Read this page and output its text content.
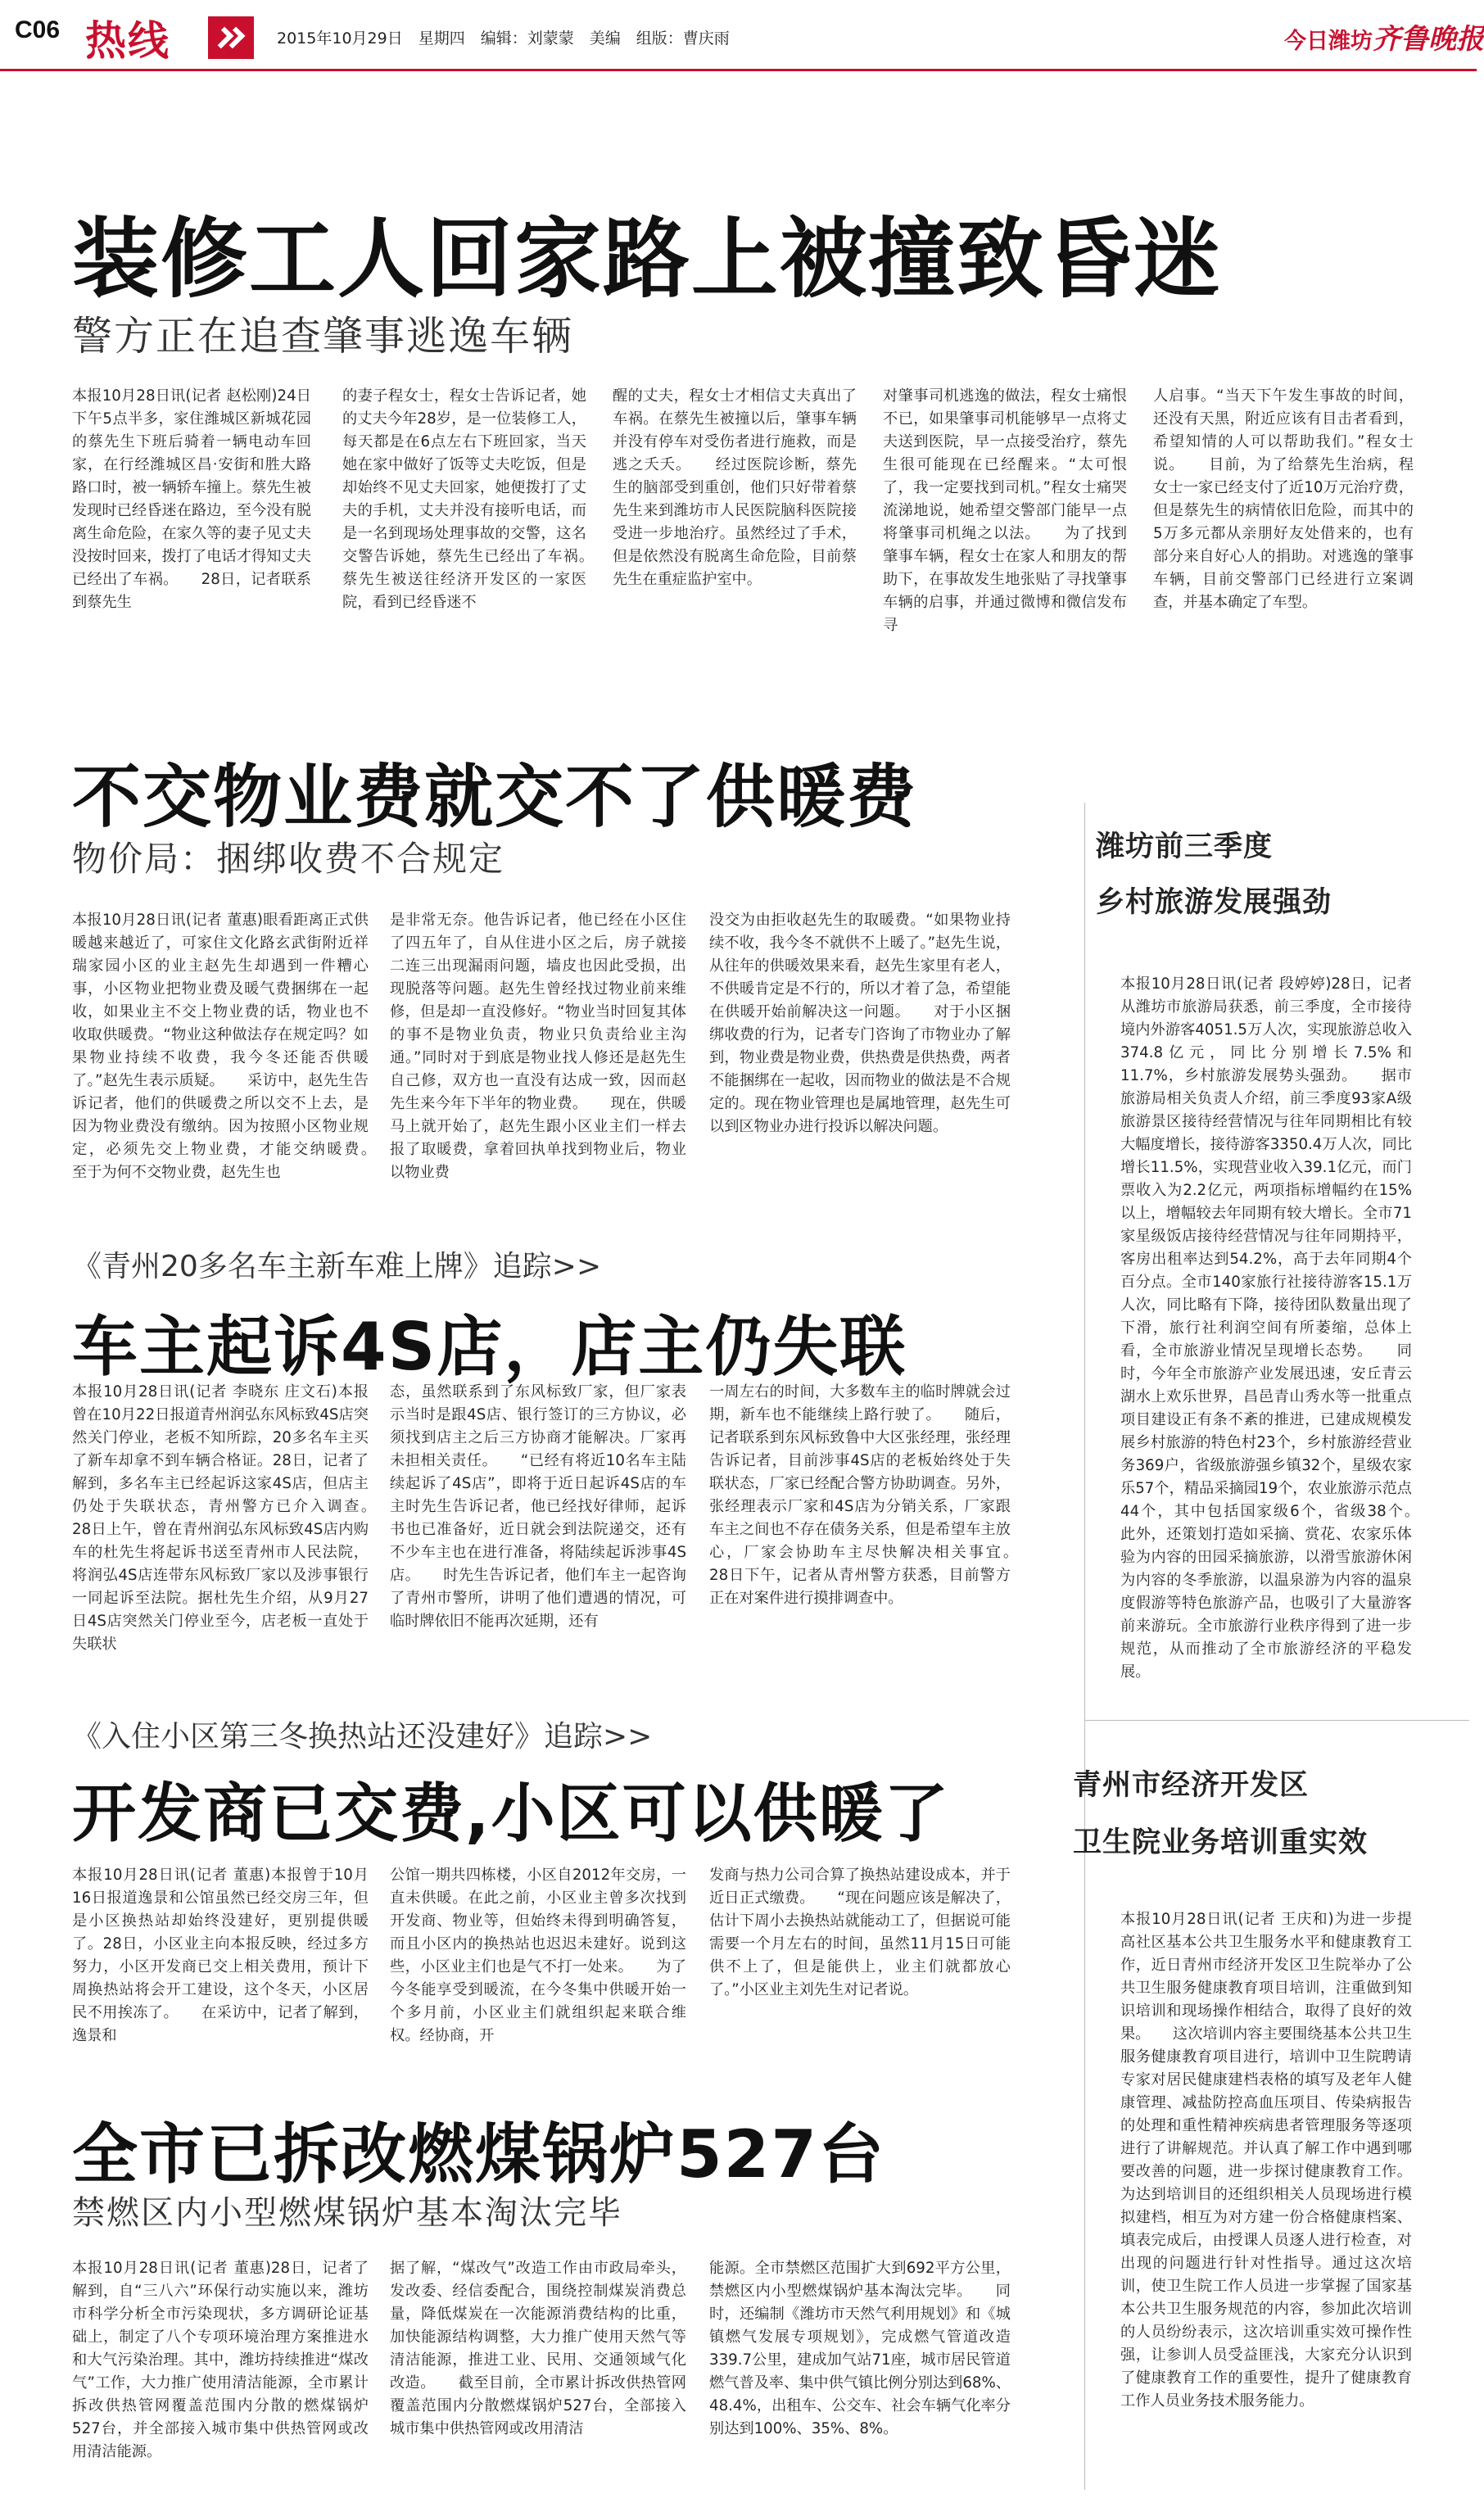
C06 热线	2015年10月29日　星期四　编辑：刘蒙蒙　美编　组版：曹庆雨	今日潍坊 齐鲁晚报
装修工人回家路上被撞致昏迷
警方正在追查肇事逃逸车辆
本报10月28日讯(记者 赵松刚)24日下午5点半多，家住潍城区新城花园的蔡先生下班后骑着一辆电动车回家，在行经潍城区昌·安街和胜大路路口时，被一辆轿车撞上。蔡先生被发现时已经昏迷在路边，至今没有脱离生命危险，在家久等的妻子见丈夫没按时回来，拨打了电话才得知丈夫已经出了车祸。　　28日，记者联系到蔡先生
的妻子程女士，程女士告诉记者，她的丈夫今年28岁，是一位装修工人，每天都是在6点左右下班回家，当天她在家中做好了饭等丈夫吃饭，但是却始终不见丈夫回家，她便拨打了丈夫的手机，丈夫并没有接听电话，而是一名到现场处理事故的交警，这名交警告诉她，蔡先生已经出了车祸。　　蔡先生被送往经济开发区的一家医院，看到已经昏迷不
醒的丈夫，程女士才相信丈夫真出了车祸。在蔡先生被撞以后，肇事车辆并没有停车对受伤者进行施救，而是逃之夭夭。　　经过医院诊断，蔡先生的脑部受到重创，他们只好带着蔡先生来到潍坊市人民医院脑科医院接受进一步地治疗。虽然经过了手术，但是依然没有脱离生命危险，目前蔡先生在重症监护室中。
对肇事司机逃逸的做法，程女士痛恨不已，如果肇事司机能够早一点将丈夫送到医院，早一点接受治疗，蔡先生很可能现在已经醒来。“太可恨了，我一定要找到司机。”程女士痛哭流涕地说，她希望交警部门能早一点将肇事司机绳之以法。　　为了找到肇事车辆，程女士在家人和朋友的帮助下，在事故发生地张贴了寻找肇事车辆的启事，并通过微博和微信发布寻
人启事。“当天下午发生事故的时间，还没有天黑，附近应该有目击者看到，希望知情的人可以帮助我们。”程女士说。　　目前，为了给蔡先生治病，程女士一家已经支付了近10万元治疗费，但是蔡先生的病情依旧危险，而其中的5万多元都从亲朋好友处借来的，也有部分来自好心人的捐助。对逃逸的肇事车辆，目前交警部门已经进行立案调查，并基本确定了车型。
不交物业费就交不了供暖费
物价局：捆绑收费不合规定
本报10月28日讯(记者 董惠)眼看距离正式供暖越来越近了，可家住文化路玄武街附近祥瑞家园小区的业主赵先生却遇到一件糟心事，小区物业把物业费及暖气费捆绑在一起收，如果业主不交上物业费的话，物业也不收取供暖费。“物业这种做法存在规定吗？如果物业持续不收费，我今冬还能否供暖了。”赵先生表示质疑。　　采访中，赵先生告诉记者，他们的供暖费之所以交不上去，是因为物业费没有缴纳。因为按照小区物业规定，必须先交上物业费，才能交纳暖费。　　至于为何不交物业费，赵先生也
是非常无奈。他告诉记者，他已经在小区住了四五年了，自从住进小区之后，房子就接二连三出现漏雨问题，墙皮也因此受损，出现脱落等问题。赵先生曾经找过物业前来维修，但是却一直没修好。“物业当时回复其体的事不是物业负责，物业只负责给业主沟通。”同时对于到底是物业找人修还是赵先生自己修，双方也一直没有达成一致，因而赵先生来今年下半年的物业费。　　现在，供暖马上就开始了，赵先生跟小区业主们一样去报了取暖费，拿着回执单找到物业后，物业以物业费
没交为由拒收赵先生的取暖费。“如果物业持续不收，我今冬不就供不上暖了。”赵先生说，从往年的供暖效果来看，赵先生家里有老人，不供暖肯定是不行的，所以才着了急，希望能在供暖开始前解决这一问题。　　对于小区捆绑收费的行为，记者专门咨询了市物业办了解到，物业费是物业费，供热费是供热费，两者不能捆绑在一起收，因而物业的做法是不合规定的。现在物业管理也是属地管理，赵先生可以到区物业办进行投诉以解决问题。
《青州20多名车主新车难上牌》追踪>>
车主起诉4S店，店主仍失联
本报10月28日讯(记者 李晓东 庄文石)本报曾在10月22日报道青州润弘东风标致4S店突然关门停业，老板不知所踪，20多名车主买了新车却拿不到车辆合格证。28日，记者了解到，多名车主已经起诉这家4S店，但店主仍处于失联状态，青州警方已介入调查。　　28日上午，曾在青州润弘东风标致4S店内购车的杜先生将起诉书送至青州市人民法院，将润弘4S店连带东风标致厂家以及涉事银行一同起诉至法院。据杜先生介绍，从9月27日4S店突然关门停业至今，店老板一直处于失联状
态，虽然联系到了东风标致厂家，但厂家表示当时是跟4S店、银行签订的三方协议，必须找到店主之后三方协商才能解决。厂家再未担相关责任。　　“已经有将近10名车主陆续起诉了4S店”，即将于近日起诉4S店的车主时先生告诉记者，他已经找好律师，起诉书也已准备好，近日就会到法院递交，还有不少车主也在进行准备，将陆续起诉涉事4S店。　　时先生告诉记者，他们车主一起咨询了青州市警所，讲明了他们遭遇的情况，可临时牌依旧不能再次延期，还有
一周左右的时间，大多数车主的临时牌就会过期，新车也不能继续上路行驶了。　　随后，记者联系到东风标致鲁中大区张经理，张经理告诉记者，目前涉事4S店的老板始终处于失联状态，厂家已经配合警方协助调查。另外，张经理表示厂家和4S店为分销关系，厂家跟车主之间也不存在债务关系，但是希望车主放心，厂家会协助车主尽快解决相关事宜。　　28日下午，记者从青州警方获悉，目前警方正在对案件进行摸排调查中。
《入住小区第三冬换热站还没建好》追踪>>
开发商已交费,小区可以供暖了
本报10月28日讯(记者 董惠)本报曾于10月16日报道逸景和公馆虽然已经交房三年，但是小区换热站却始终没建好，更别提供暖了。28日，小区业主向本报反映，经过多方努力，小区开发商已交上相关费用，预计下周换热站将会开工建设，这个冬天，小区居民不用挨冻了。　　在采访中，记者了解到，逸景和
公馆一期共四栋楼，小区自2012年交房，一直未供暖。在此之前，小区业主曾多次找到开发商、物业等，但始终未得到明确答复，而且小区内的换热站也迟迟未建好。说到这些，小区业主们也是气不打一处来。　　为了今冬能享受到暖流，在今冬集中供暖开始一个多月前，小区业主们就组织起来联合维权。经协商，开
发商与热力公司合算了换热站建设成本，并于近日正式缴费。　　“现在问题应该是解决了，估计下周小去换热站就能动工了，但据说可能需要一个月左右的时间，虽然11月15日可能供不上了，但是能供上，业主们就都放心了。”小区业主刘先生对记者说。
全市已拆改燃煤锅炉527台
禁燃区内小型燃煤锅炉基本淘汰完毕
本报10月28日讯(记者 董惠)28日，记者了解到，自“三八六”环保行动实施以来，潍坊市科学分析全市污染现状，多方调研论证基础上，制定了八个专项环境治理方案推进水和大气污染治理。其中，潍坊持续推进“煤改气”工作，大力推广使用清洁能源，全市累计拆改供热管网覆盖范围内分散的燃煤锅炉527台，并全部接入城市集中供热管网或改用清洁能源。
据了解，“煤改气”改造工作由市政局牵头，发改委、经信委配合，围绕控制煤炭消费总量，降低煤炭在一次能源消费结构的比重，加快能源结构调整，大力推广使用天然气等清洁能源，推进工业、民用、交通领域气化改造。　　截至目前，全市累计拆改供热管网覆盖范围内分散燃煤锅炉527台，全部接入城市集中供热管网或改用清洁
能源。全市禁燃区范围扩大到692平方公里，禁燃区内小型燃煤锅炉基本淘汰完毕。　　同时，还编制《潍坊市天然气利用规划》和《城镇燃气发展专项规划》，完成燃气管道改造339.7公里，建成加气站71座，城市居民管道燃气普及率、集中供气镇比例分别达到68%、48.4%，出租车、公交车、社会车辆气化率分别达到100%、35%、8%。
潍坊前三季度
乡村旅游发展强劲
本报10月28日讯(记者 段婷婷)28日，记者从潍坊市旅游局获悉，前三季度，全市接待境内外游客4051.5万人次，实现旅游总收入374.8亿元，同比分别增长7.5%和11.7%，乡村旅游发展势头强劲。　　据市旅游局相关负责人介绍，前三季度93家A级旅游景区接待经营情况与往年同期相比有较大幅度增长，接待游客3350.4万人次，同比增长11.5%，实现营业收入39.1亿元，而门票收入为2.2亿元，两项指标增幅约在15%以上，增幅较去年同期有较大增长。全市71家星级饭店接待经营情况与往年同期持平，客房出租率达到54.2%，高于去年同期4个百分点。全市140家旅行社接待游客15.1万人次，同比略有下降，接待团队数量出现了下滑，旅行社利润空间有所萎缩，总体上看，全市旅游业情况呈现增长态势。　　同时，今年全市旅游产业发展迅速，安丘青云湖水上欢乐世界，昌邑青山秀水等一批重点项目建设正有条不紊的推进，已建成规模发展乡村旅游的特色村23个，乡村旅游经营业务369户，省级旅游强乡镇32个，星级农家乐57个，精品采摘园19个，农业旅游示范点44个，其中包括国家级6个，省级38个。　　此外，还策划打造如采摘、赏花、农家乐体验为内容的田园采摘旅游，以滑雪旅游休闲为内容的冬季旅游，以温泉游为内容的温泉度假游等特色旅游产品，也吸引了大量游客前来游玩。全市旅游行业秩序得到了进一步规范，从而推动了全市旅游经济的平稳发展。
青州市经济开发区
卫生院业务培训重实效
本报10月28日讯(记者 王庆和)为进一步提高社区基本公共卫生服务水平和健康教育工作，近日青州市经济开发区卫生院举办了公共卫生服务健康教育项目培训，注重做到知识培训和现场操作相结合，取得了良好的效果。　　这次培训内容主要围绕基本公共卫生服务健康教育项目进行，培训中卫生院聘请专家对居民健康建档表格的填写及老年人健康管理、减盐防控高血压项目、传染病报告的处理和重性精神疾病患者管理服务等逐项进行了讲解规范。并认真了解工作中遇到哪要改善的问题，进一步探讨健康教育工作。为达到培训目的还组织相关人员现场进行模拟建档，相互为对方建一份合格健康档案、填表完成后，由授课人员逐人进行检查，对出现的问题进行针对性指导。通过这次培训，使卫生院工作人员进一步掌握了国家基本公共卫生服务规范的内容，参加此次培训的人员纷纷表示，这次培训重实效可操作性强，让参训人员受益匪浅，大家充分认识到了健康教育工作的重要性，提升了健康教育工作人员业务技术服务能力。
